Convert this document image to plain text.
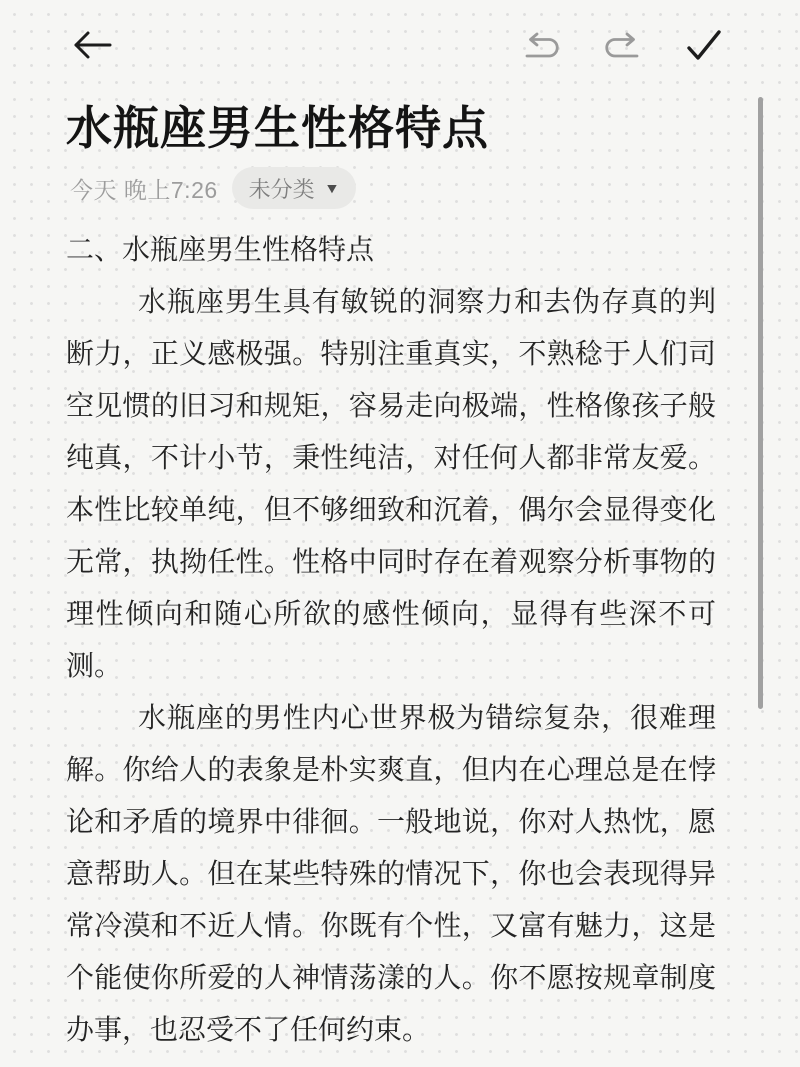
水瓶座男生性格特点
今天 晚上7:26 未分类 ▼

二、水瓶座男生性格特点

水瓶座男生具有敏锐的洞察力和去伪存真的判断力，正义感极强。特别注重真实，不熟稔于人们司空见惯的旧习和规矩，容易走向极端，性格像孩子般纯真，不计小节，秉性纯洁，对任何人都非常友爱。本性比较单纯，但不够细致和沉着，偶尔会显得变化无常，执拗任性。性格中同时存在着观察分析事物的理性倾向和随心所欲的感性倾向，显得有些深不可测。

水瓶座的男性内心世界极为错综复杂，很难理解。你给人的表象是朴实爽直，但内在心理总是在悖论和矛盾的境界中徘徊。一般地说，你对人热忱，愿意帮助人。但在某些特殊的情况下，你也会表现得异常冷漠和不近人情。你既有个性，又富有魅力，这是个能使你所爱的人神情荡漾的人。你不愿按规章制度办事，也忍受不了任何约束。
